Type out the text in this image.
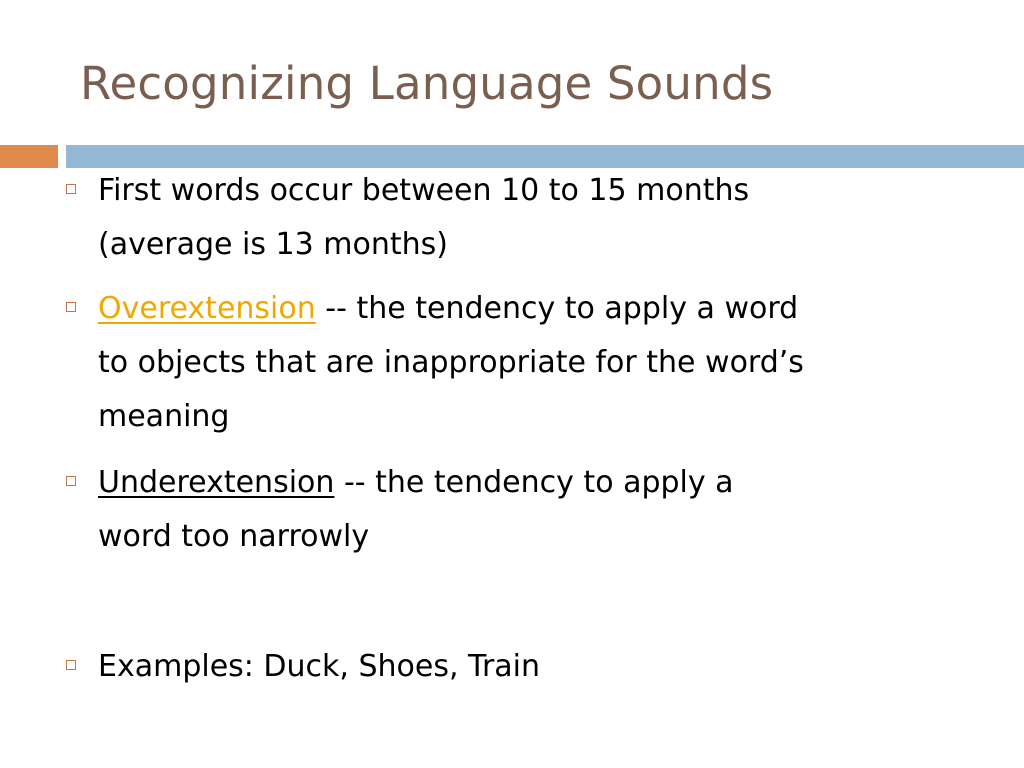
Recognizing Language Sounds
First words occur between 10 to 15 months
(average is 13 months)
Overextension -- the tendency to apply a word
to objects that are inappropriate for the word’s
meaning
Underextension -- the tendency to apply a
word too narrowly
Examples: Duck, Shoes, Train
